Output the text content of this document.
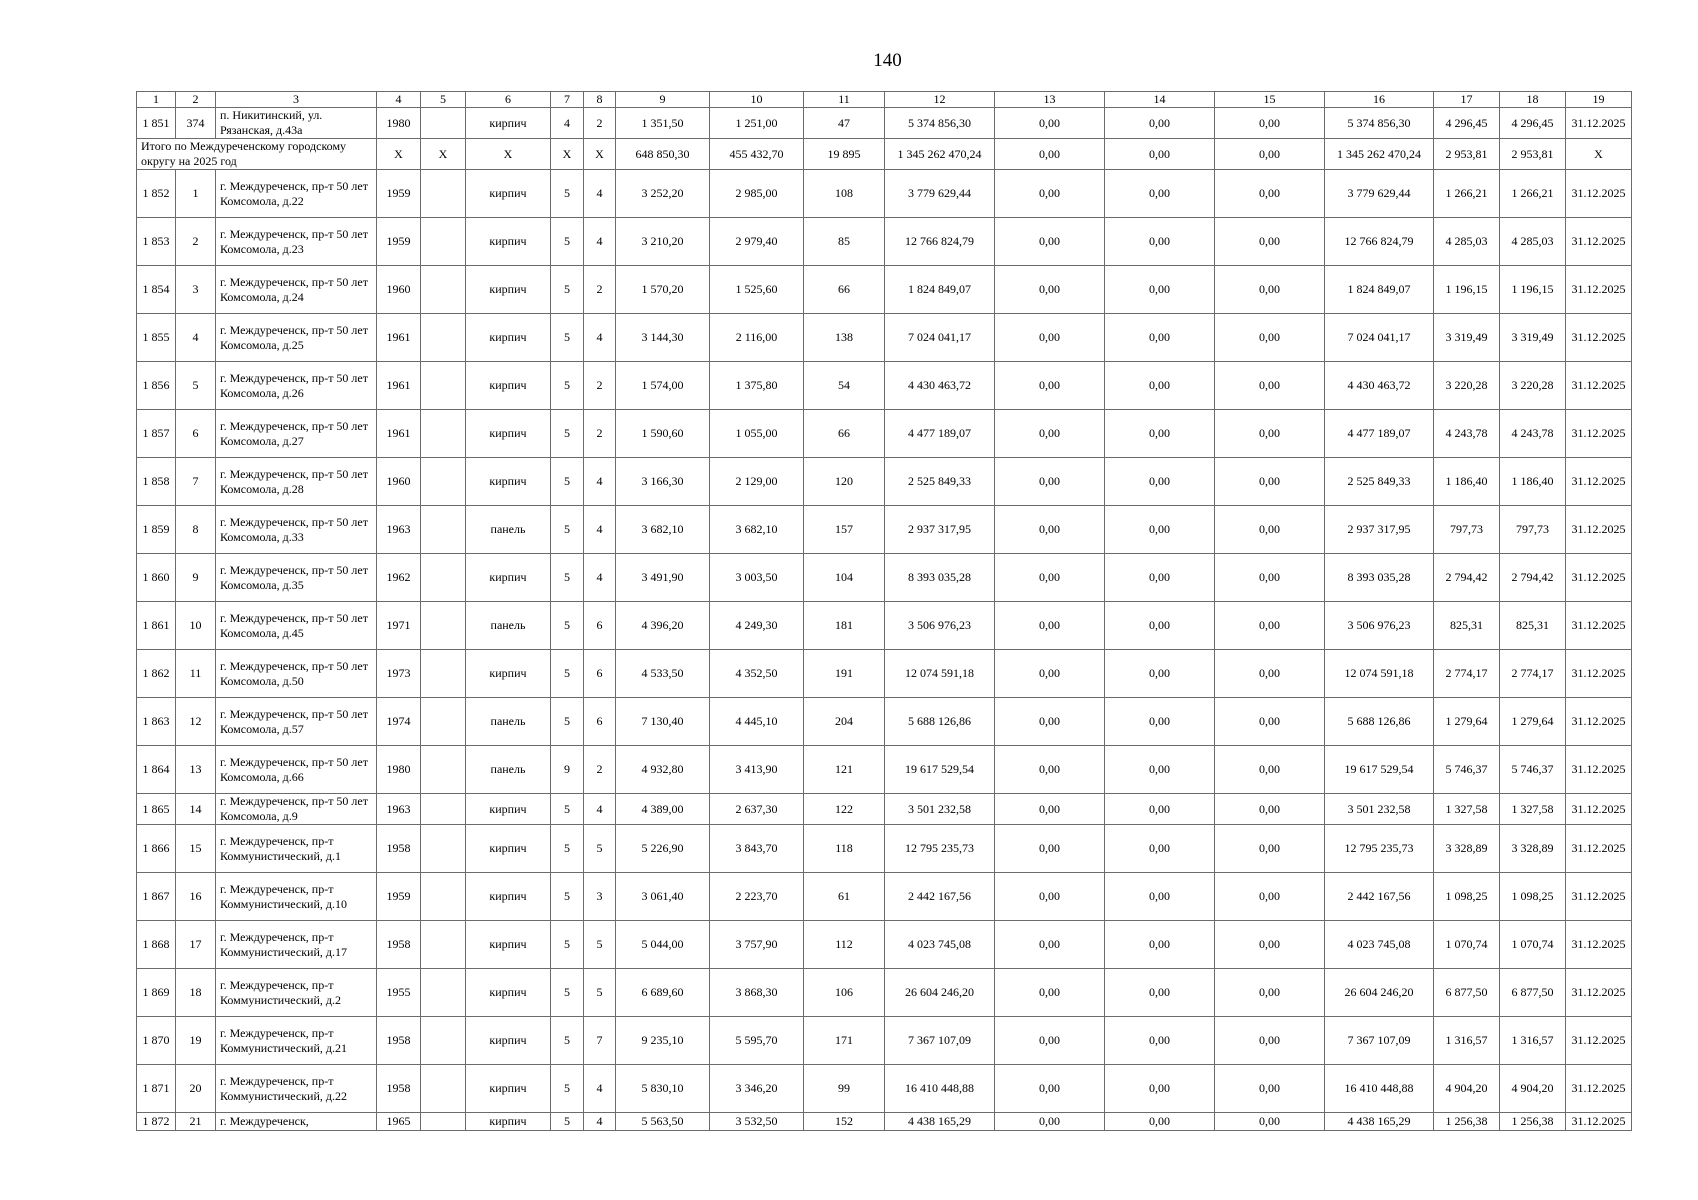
140
1	2	3	4	5	6	7	8	9	10	11	12	13	14	15	16	17	18	19
1 851	374	п. Никитинский, ул. Рязанская, д.43а	1980		кирпич	4	2	1 351,50	1 251,00	47	5 374 856,30	0,00	0,00	0,00	5 374 856,30	4 296,45	4 296,45	31.12.2025
Итого по Междуреченскому городскому округу на 2025 год			X	X	X	X	X	648 850,30	455 432,70	19 895	1 345 262 470,24	0,00	0,00	0,00	1 345 262 470,24	2 953,81	2 953,81	X
1 852	1	г. Междуреченск, пр-т 50 лет Комсомола, д.22	1959		кирпич	5	4	3 252,20	2 985,00	108	3 779 629,44	0,00	0,00	0,00	3 779 629,44	1 266,21	1 266,21	31.12.2025
1 853	2	г. Междуреченск, пр-т 50 лет Комсомола, д.23	1959		кирпич	5	4	3 210,20	2 979,40	85	12 766 824,79	0,00	0,00	0,00	12 766 824,79	4 285,03	4 285,03	31.12.2025
1 854	3	г. Междуреченск, пр-т 50 лет Комсомола, д.24	1960		кирпич	5	2	1 570,20	1 525,60	66	1 824 849,07	0,00	0,00	0,00	1 824 849,07	1 196,15	1 196,15	31.12.2025
1 855	4	г. Междуреченск, пр-т 50 лет Комсомола, д.25	1961		кирпич	5	4	3 144,30	2 116,00	138	7 024 041,17	0,00	0,00	0,00	7 024 041,17	3 319,49	3 319,49	31.12.2025
1 856	5	г. Междуреченск, пр-т 50 лет Комсомола, д.26	1961		кирпич	5	2	1 574,00	1 375,80	54	4 430 463,72	0,00	0,00	0,00	4 430 463,72	3 220,28	3 220,28	31.12.2025
1 857	6	г. Междуреченск, пр-т 50 лет Комсомола, д.27	1961		кирпич	5	2	1 590,60	1 055,00	66	4 477 189,07	0,00	0,00	0,00	4 477 189,07	4 243,78	4 243,78	31.12.2025
1 858	7	г. Междуреченск, пр-т 50 лет Комсомола, д.28	1960		кирпич	5	4	3 166,30	2 129,00	120	2 525 849,33	0,00	0,00	0,00	2 525 849,33	1 186,40	1 186,40	31.12.2025
1 859	8	г. Междуреченск, пр-т 50 лет Комсомола, д.33	1963		панель	5	4	3 682,10	3 682,10	157	2 937 317,95	0,00	0,00	0,00	2 937 317,95	797,73	797,73	31.12.2025
1 860	9	г. Междуреченск, пр-т 50 лет Комсомола, д.35	1962		кирпич	5	4	3 491,90	3 003,50	104	8 393 035,28	0,00	0,00	0,00	8 393 035,28	2 794,42	2 794,42	31.12.2025
1 861	10	г. Междуреченск, пр-т 50 лет Комсомола, д.45	1971		панель	5	6	4 396,20	4 249,30	181	3 506 976,23	0,00	0,00	0,00	3 506 976,23	825,31	825,31	31.12.2025
1 862	11	г. Междуреченск, пр-т 50 лет Комсомола, д.50	1973		кирпич	5	6	4 533,50	4 352,50	191	12 074 591,18	0,00	0,00	0,00	12 074 591,18	2 774,17	2 774,17	31.12.2025
1 863	12	г. Междуреченск, пр-т 50 лет Комсомола, д.57	1974		панель	5	6	7 130,40	4 445,10	204	5 688 126,86	0,00	0,00	0,00	5 688 126,86	1 279,64	1 279,64	31.12.2025
1 864	13	г. Междуреченск, пр-т 50 лет Комсомола, д.66	1980		панель	9	2	4 932,80	3 413,90	121	19 617 529,54	0,00	0,00	0,00	19 617 529,54	5 746,37	5 746,37	31.12.2025
1 865	14	г. Междуреченск, пр-т 50 лет Комсомола, д.9	1963		кирпич	5	4	4 389,00	2 637,30	122	3 501 232,58	0,00	0,00	0,00	3 501 232,58	1 327,58	1 327,58	31.12.2025
1 866	15	г. Междуреченск, пр-т Коммунистический, д.1	1958		кирпич	5	5	5 226,90	3 843,70	118	12 795 235,73	0,00	0,00	0,00	12 795 235,73	3 328,89	3 328,89	31.12.2025
1 867	16	г. Междуреченск, пр-т Коммунистический, д.10	1959		кирпич	5	3	3 061,40	2 223,70	61	2 442 167,56	0,00	0,00	0,00	2 442 167,56	1 098,25	1 098,25	31.12.2025
1 868	17	г. Междуреченск, пр-т Коммунистический, д.17	1958		кирпич	5	5	5 044,00	3 757,90	112	4 023 745,08	0,00	0,00	0,00	4 023 745,08	1 070,74	1 070,74	31.12.2025
1 869	18	г. Междуреченск, пр-т Коммунистический, д.2	1955		кирпич	5	5	6 689,60	3 868,30	106	26 604 246,20	0,00	0,00	0,00	26 604 246,20	6 877,50	6 877,50	31.12.2025
1 870	19	г. Междуреченск, пр-т Коммунистический, д.21	1958		кирпич	5	7	9 235,10	5 595,70	171	7 367 107,09	0,00	0,00	0,00	7 367 107,09	1 316,57	1 316,57	31.12.2025
1 871	20	г. Междуреченск, пр-т Коммунистический, д.22	1958		кирпич	5	4	5 830,10	3 346,20	99	16 410 448,88	0,00	0,00	0,00	16 410 448,88	4 904,20	4 904,20	31.12.2025
1 872	21	г. Междуреченск,	1965		кирпич	5	4	5 563,50	3 532,50	152	4 438 165,29	0,00	0,00	0,00	4 438 165,29	1 256,38	1 256,38	31.12.2025
